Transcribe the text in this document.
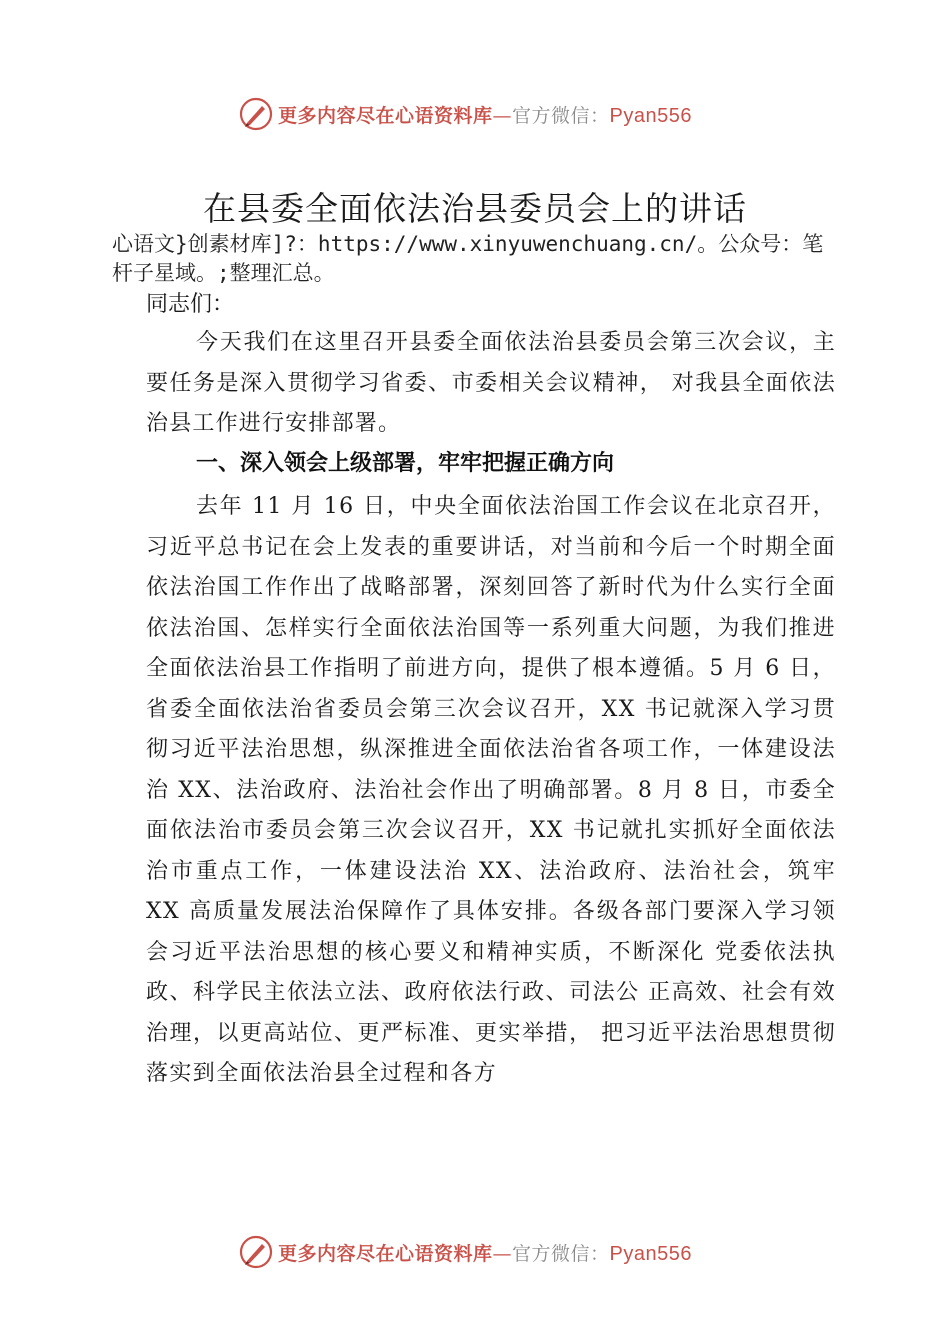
更多内容尽在心语资料库—官方微信：Pyan556
在县委全面依法治县委员会上的讲话
心语文}创素材库]?：https://www.xinyuwenchuang.cn/。公众号：笔杆子星域。;整理汇总。
同志们：

今天我们在这里召开县委全面依法治县委员会第三次会议，主要任务是深入贯彻学习省委、市委相关会议精神， 对我县全面依法治县工作进行安排部署。

一、深入领会上级部署，牢牢把握正确方向

去年 11 月 16 日，中央全面依法治国工作会议在北京召开，习近平总书记在会上发表的重要讲话，对当前和今后一个时期全面依法治国工作作出了战略部署，深刻回答了新时代为什么实行全面依法治国、怎样实行全面依法治国等一系列重大问题，为我们推进全面依法治县工作指明了前进方向，提供了根本遵循。5 月 6 日，省委全面依法治省委员会第三次会议召开，XX 书记就深入学习贯彻习近平法治思想，纵深推进全面依法治省各项工作，一体建设法治 XX、法治政府、法治社会作出了明确部署。8 月 8 日，市委全面依法治市委员会第三次会议召开，XX 书记就扎实抓好全面依法治市重点工作，一体建设法治 XX、法治政府、法治社会，筑牢 XX 高质量发展法治保障作了具体安排。各级各部门要深入学习领会习近平法治思想的核心要义和精神实质，不断深化 党委依法执政、科学民主依法立法、政府依法行政、司法公 正高效、社会有效治理，以更高站位、更严标准、更实举措， 把习近平法治思想贯彻落实到全面依法治县全过程和各方

更多内容尽在心语资料库—官方微信：Pyan556
